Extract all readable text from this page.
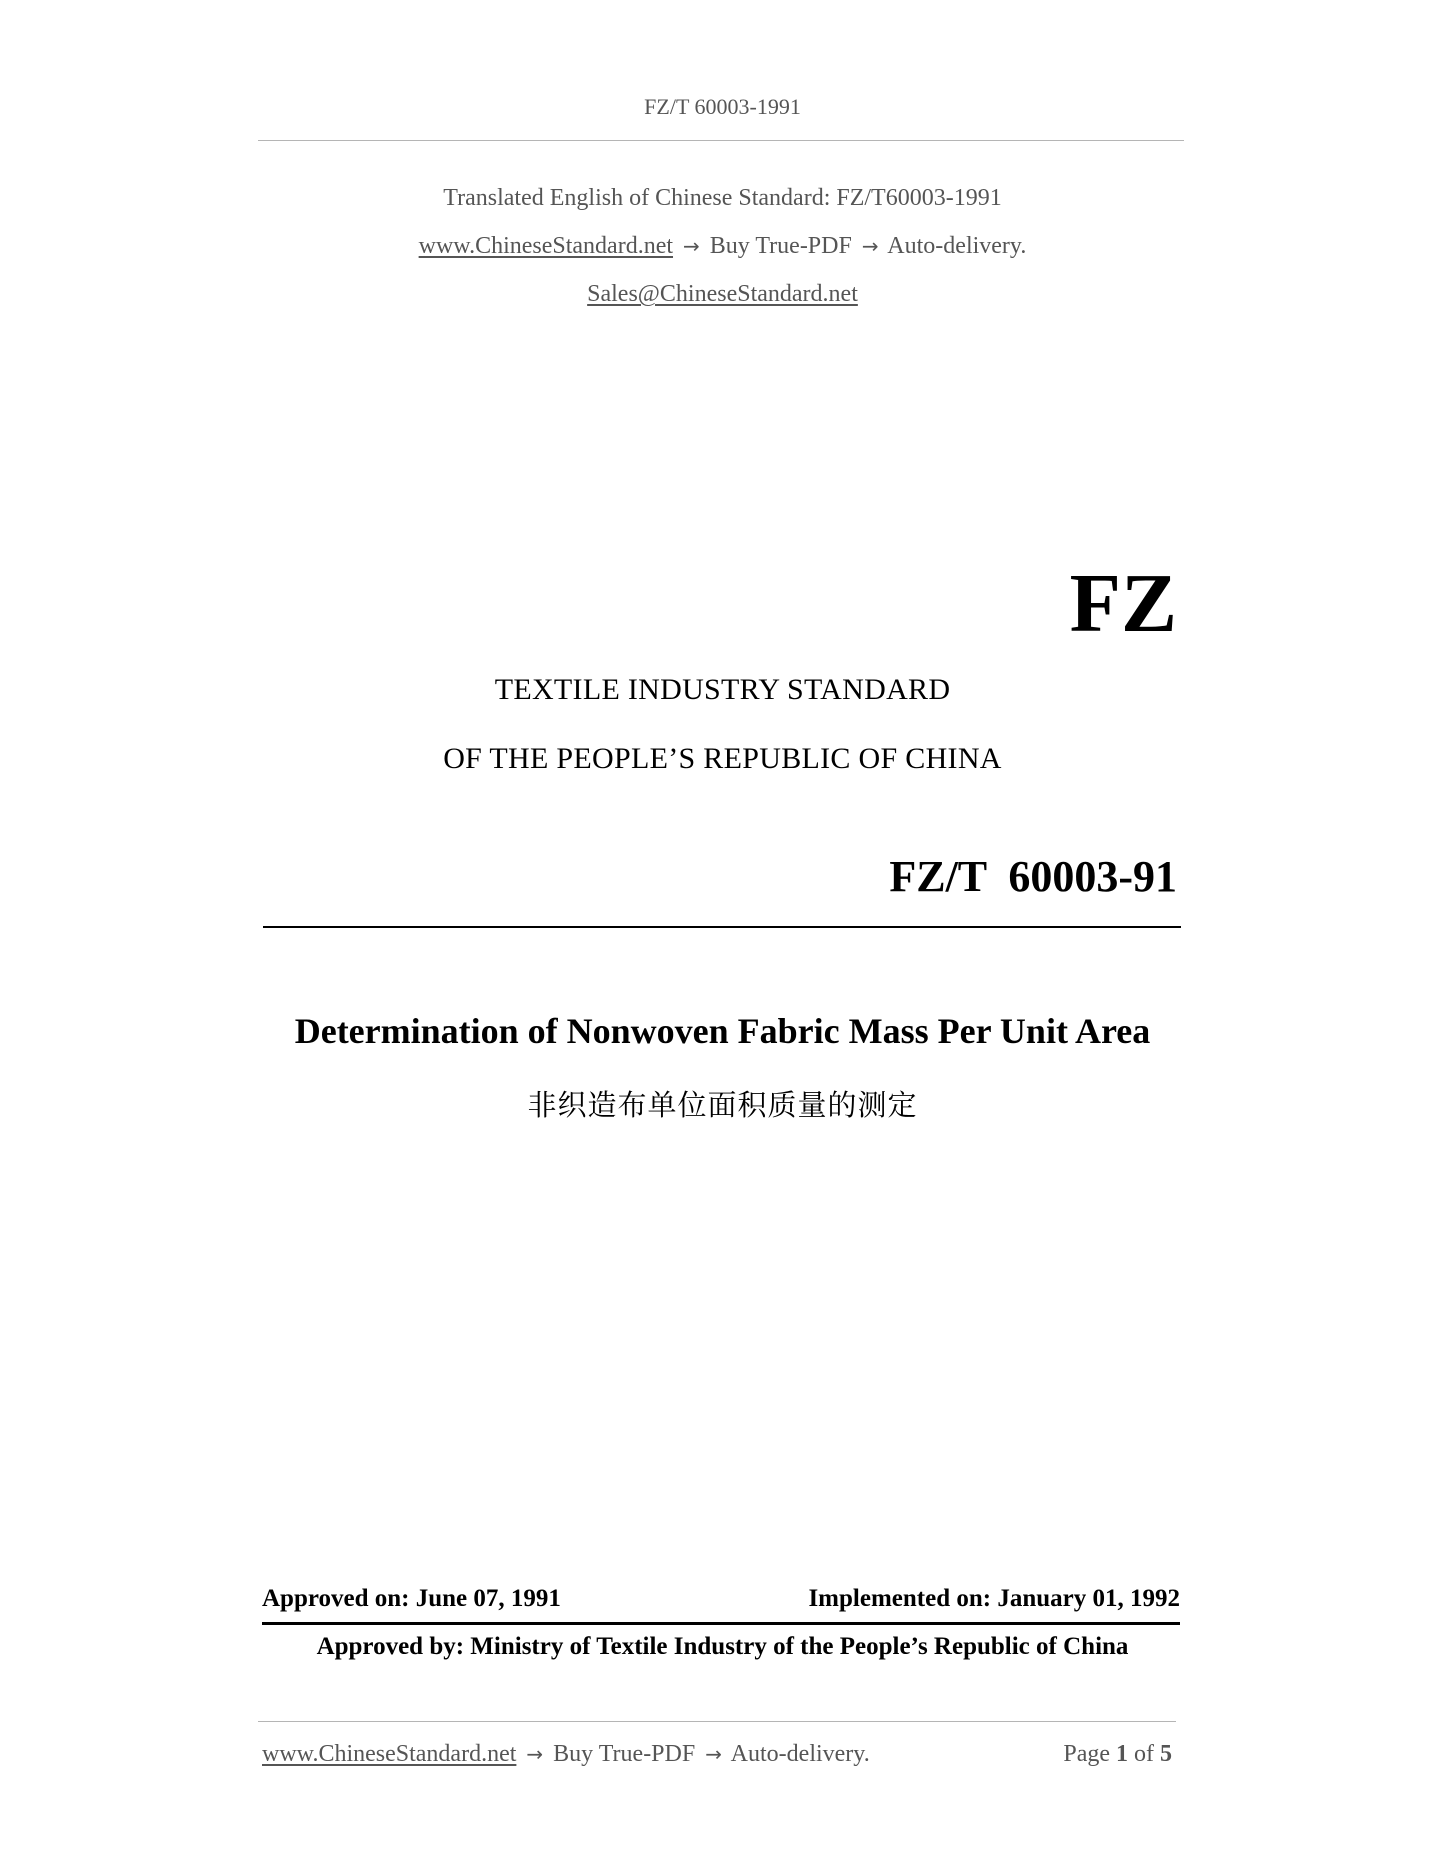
FZ/T 60003-1991
Translated English of Chinese Standard: FZ/T60003-1991
www.ChineseStandard.net → Buy True-PDF → Auto-delivery.
Sales@ChineseStandard.net
FZ
TEXTILE INDUSTRY STANDARD
OF THE PEOPLE’S REPUBLIC OF CHINA
FZ/T  60003-91
Determination of Nonwoven Fabric Mass Per Unit Area
非织造布单位面积质量的测定
Approved on: June 07, 1991	Implemented on: January 01, 1992
Approved by: Ministry of Textile Industry of the People’s Republic of China
www.ChineseStandard.net → Buy True-PDF → Auto-delivery.	Page 1 of 5
